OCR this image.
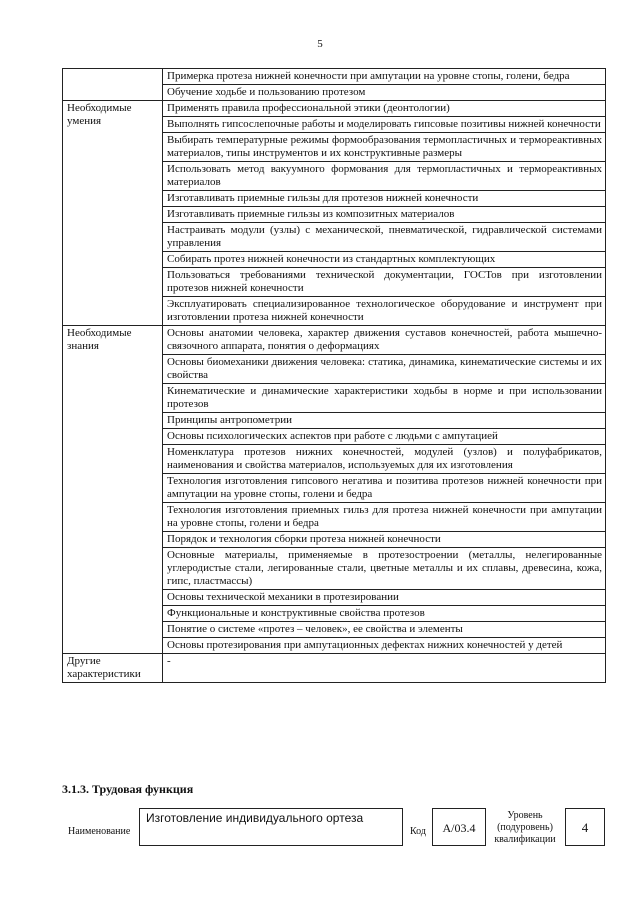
5
	Примерка протеза нижней конечности при ампутации на уровне стопы, голени, бедра
	Обучение ходьбе и пользованию протезом
Необходимые умения	Применять правила профессиональной этики (деонтологии)
	Выполнять гипсослепочные работы и моделировать гипсовые позитивы нижней конечности
	Выбирать температурные режимы формообразования термопластичных и термореактивных материалов, типы инструментов и их конструктивные размеры
	Использовать метод вакуумного формования для термопластичных и термореактивных материалов
	Изготавливать приемные гильзы для протезов нижней конечности
	Изготавливать приемные гильзы из композитных материалов
	Настраивать модули (узлы) с механической, пневматической, гидравлической системами управления
	Собирать протез нижней конечности из стандартных комплектующих
	Пользоваться требованиями технической документации, ГОСТов при изготовлении протезов нижней конечности
	Эксплуатировать специализированное технологическое оборудование и инструмент при изготовлении протеза нижней конечности
Необходимые знания	Основы анатомии человека, характер движения суставов конечностей, работа мышечно-связочного аппарата, понятия о деформациях
	Основы биомеханики движения человека: статика, динамика, кинематические системы и их свойства
	Кинематические и динамические характеристики ходьбы в норме и при использовании протезов
	Принципы антропометрии
	Основы психологических аспектов при работе с людьми с ампутацией
	Номенклатура протезов нижних конечностей, модулей (узлов) и полуфабрикатов, наименования и свойства материалов, используемых для их изготовления
	Технология изготовления гипсового негатива и позитива протезов нижней конечности при ампутации на уровне стопы, голени и бедра
	Технология изготовления приемных гильз для протеза нижней конечности при ампутации на уровне стопы, голени и бедра
	Порядок и технология сборки протеза нижней конечности
	Основные материалы, применяемые в протезостроении (металлы, нелегированные углеродистые стали, легированные стали, цветные металлы и их сплавы, древесина, кожа, гипс, пластмассы)
	Основы технической механики в протезировании
	Функциональные и конструктивные свойства протезов
	Понятие о системе «протез – человек», ее свойства и элементы
	Основы протезирования при ампутационных дефектах нижних конечностей у детей
Другие характеристики	-
3.1.3. Трудовая функция
Наименование
Изготовление индивидуального ортеза
Код	А/03.4
Уровень (подуровень) квалификации
4
